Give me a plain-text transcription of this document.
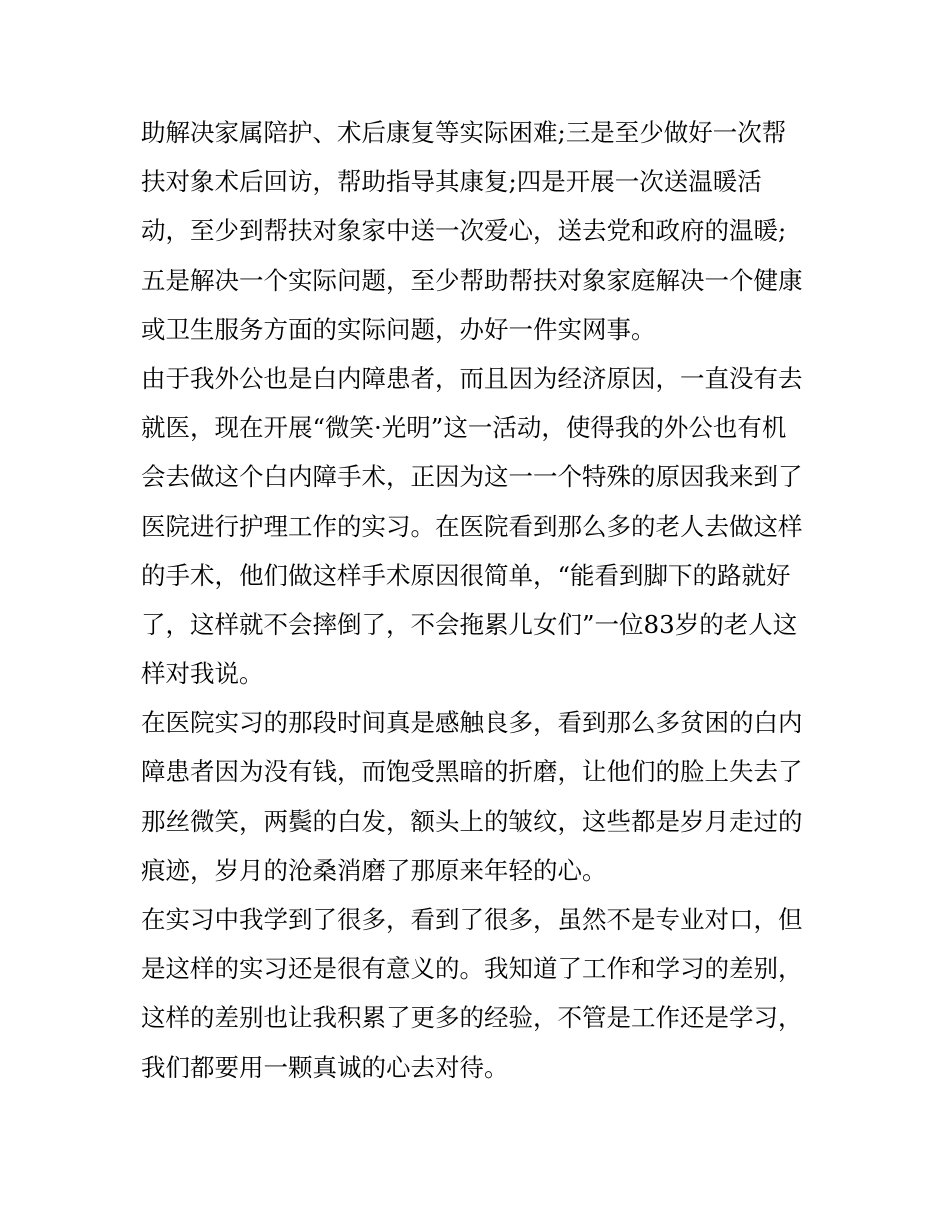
助解决家属陪护、术后康复等实际困难;三是至少做好一次帮
扶对象术后回访，帮助指导其康复;四是开展一次送温暖活
动，至少到帮扶对象家中送一次爱心，送去党和政府的温暖;
五是解决一个实际问题，至少帮助帮扶对象家庭解决一个健康
或卫生服务方面的实际问题，办好一件实网事。
由于我外公也是白内障患者，而且因为经济原因，一直没有去
就医，现在开展“微笑·光明”这一活动，使得我的外公也有机
会去做这个白内障手术，正因为这一一个特殊的原因我来到了
医院进行护理工作的实习。在医院看到那么多的老人去做这样
的手术，他们做这样手术原因很简单，“能看到脚下的路就好
了，这样就不会摔倒了，不会拖累儿女们”一位83岁的老人这
样对我说。
在医院实习的那段时间真是感触良多，看到那么多贫困的白内
障患者因为没有钱，而饱受黑暗的折磨，让他们的脸上失去了
那丝微笑，两鬓的白发，额头上的皱纹，这些都是岁月走过的
痕迹，岁月的沧桑消磨了那原来年轻的心。
在实习中我学到了很多，看到了很多，虽然不是专业对口，但
是这样的实习还是很有意义的。我知道了工作和学习的差别，
这样的差别也让我积累了更多的经验，不管是工作还是学习，
我们都要用一颗真诚的心去对待。
